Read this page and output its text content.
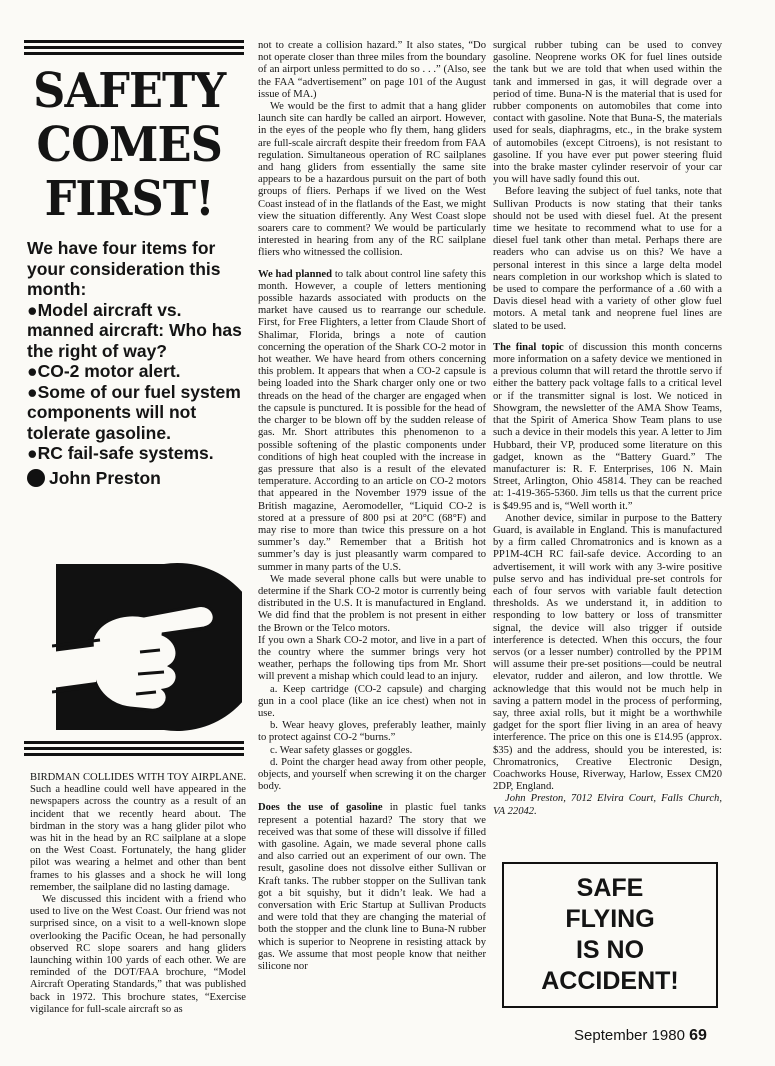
SAFETY
COMES
FIRST!
We have four items for your consideration this month:
● Model aircraft vs. manned aircraft: Who has the right of way?
● CO-2 motor alert.
● Some of our fuel system components will not tolerate gasoline.
● RC fail-safe systems.
John Preston

BIRDMAN COLLIDES WITH TOY AIRPLANE. Such a headline could well have appeared in the newspapers across the country as a result of an incident that we recently heard about. The birdman in the story was a hang glider pilot who was hit in the head by an RC sailplane at a slope on the West Coast. Fortunately, the hang glider pilot was wearing a helmet and other than bent frames to his glasses and a shock he will long remember, the sailplane did no lasting damage.

We discussed this incident with a friend who used to live on the West Coast. Our friend was not surprised since, on a visit to a well-known slope overlooking the Pacific Ocean, he had personally observed RC slope soarers and hang gliders launching within 100 yards of each other. We are reminded of the DOT/FAA brochure, “Model Aircraft Operating Standards,” that was published back in 1972. This brochure states, “Exercise vigilance for full-scale aircraft so as

not to create a collision hazard.” It also states, “Do not operate closer than three miles from the boundary of an airport unless permitted to do so . . .” (Also, see the FAA “advertisement” on page 101 of the August issue of MA.)

We would be the first to admit that a hang glider launch site can hardly be called an airport. However, in the eyes of the people who fly them, hang gliders are full-scale aircraft despite their freedom from FAA regulation. Simultaneous operation of RC sailplanes and hang gliders from essentially the same site appears to be a hazardous pursuit on the part of both groups of fliers. Perhaps if we lived on the West Coast instead of in the flatlands of the East, we might view the situation differently. Any West Coast slope soarers care to comment? We would be particularly interested in hearing from any of the RC sailplane fliers who witnessed the collision.

We had planned to talk about control line safety this month. However, a couple of letters mentioning possible hazards associated with products on the market have caused us to rearrange our schedule. First, for Free Flighters, a letter from Claude Short of Shalimar, Florida, brings a note of caution concerning the operation of the Shark CO-2 motor in hot weather. We have heard from others concerning this problem. It appears that when a CO-2 capsule is being loaded into the Shark charger only one or two threads on the head of the charger are engaged when the capsule is punctured. It is possible for the head of the charger to be blown off by the sudden release of gas. Mr. Short attributes this phenomenon to a possible softening of the plastic components under conditions of high heat coupled with the increase in gas pressure that also is a result of the elevated temperature. According to an article on CO-2 motors that appeared in the November 1979 issue of the British magazine, Aeromodeller, “Liquid CO-2 is stored at a pressure of 800 psi at 20°C (68°F) and may rise to more than twice this pressure on a hot summer’s day.” Remember that a British hot summer’s day is just pleasantly warm compared to summer in many parts of the U.S.

We made several phone calls but were unable to determine if the Shark CO-2 motor is currently being distributed in the U.S. It is manufactured in England. We did find that the problem is not present in either the Brown or the Telco motors.

If you own a Shark CO-2 motor, and live in a part of the country where the summer brings very hot weather, perhaps the following tips from Mr. Short will prevent a mishap which could lead to an injury.

a. Keep cartridge (CO-2 capsule) and charging gun in a cool place (like an ice chest) when not in use.

b. Wear heavy gloves, preferably leather, mainly to protect against CO-2 “burns.”

c. Wear safety glasses or goggles.

d. Point the charger head away from other people, objects, and yourself when screwing it on the charger body.

Does the use of gasoline in plastic fuel tanks represent a potential hazard? The story that we received was that some of these will dissolve if filled with gasoline. Again, we made several phone calls and also carried out an experiment of our own. The result, gasoline does not dissolve either Sullivan or Kraft tanks. The rubber stopper on the Sullivan tank got a bit squishy, but it didn’t leak. We had a conversation with Eric Startup at Sullivan Products and were told that they are changing the material of both the stopper and the clunk line to Buna-N rubber which is superior to Neoprene in resisting attack by gas. We assume that most people know that neither silicone nor

surgical rubber tubing can be used to convey gasoline. Neoprene works OK for fuel lines outside the tank but we are told that when used within the tank and immersed in gas, it will degrade over a period of time. Buna-N is the material that is used for rubber components on automobiles that come into contact with gasoline. Note that Buna-S, the materials used for seals, diaphragms, etc., in the brake system of automobiles (except Citroens), is not resistant to gasoline. If you have ever put power steering fluid into the brake master cylinder reservoir of your car you will have sadly found this out.

Before leaving the subject of fuel tanks, note that Sullivan Products is now stating that their tanks should not be used with diesel fuel. At the present time we hesitate to recommend what to use for a diesel fuel tank other than metal. Perhaps there are readers who can advise us on this? We have a personal interest in this since a large delta model nears completion in our workshop which is slated to be used to compare the performance of a .60 with a Davis diesel head with a variety of other glow fuel motors. A metal tank and neoprene fuel lines are slated to be used.

The final topic of discussion this month concerns more information on a safety device we mentioned in a previous column that will retard the throttle servo if either the battery pack voltage falls to a critical level or if the transmitter signal is lost. We noticed in Showgram, the newsletter of the AMA Show Teams, that the Spirit of America Show Team plans to use such a device in their models this year. A letter to Jim Hubbard, their VP, produced some literature on this gadget, known as the “Battery Guard.” The manufacturer is: R. F. Enterprises, 106 N. Main Street, Arlington, Ohio 45814. They can be reached at: 1-419-365-5360. Jim tells us that the current price is $49.95 and is, “Well worth it.”

Another device, similar in purpose to the Battery Guard, is available in England. This is manufactured by a firm called Chromatronics and is known as a PP1M-4CH RC fail-safe device. According to an advertisement, it will work with any 3-wire positive pulse servo and has individual pre-set controls for each of four servos with variable fault detection thresholds. As we understand it, in addition to responding to low battery or loss of transmitter signal, the device will also trigger if outside interference is detected. When this occurs, the four servos (or a lesser number) controlled by the PP1M will assume their pre-set positions—could be neutral elevator, rudder and aileron, and low throttle. We acknowledge that this would not be much help in saving a pattern model in the process of performing, say, three axial rolls, but it might be a worthwhile gadget for the sport flier living in an area of heavy interference. The price on this one is £14.95 (approx. $35) and the address, should you be interested, is: Chromatronics, Creative Electronic Design, Coachworks House, Riverway, Harlow, Essex CM20 2DP, England.

John Preston, 7012 Elvira Court, Falls Church, VA 22042.

SAFE
FLYING
IS NO
ACCIDENT!
September 1980 69
